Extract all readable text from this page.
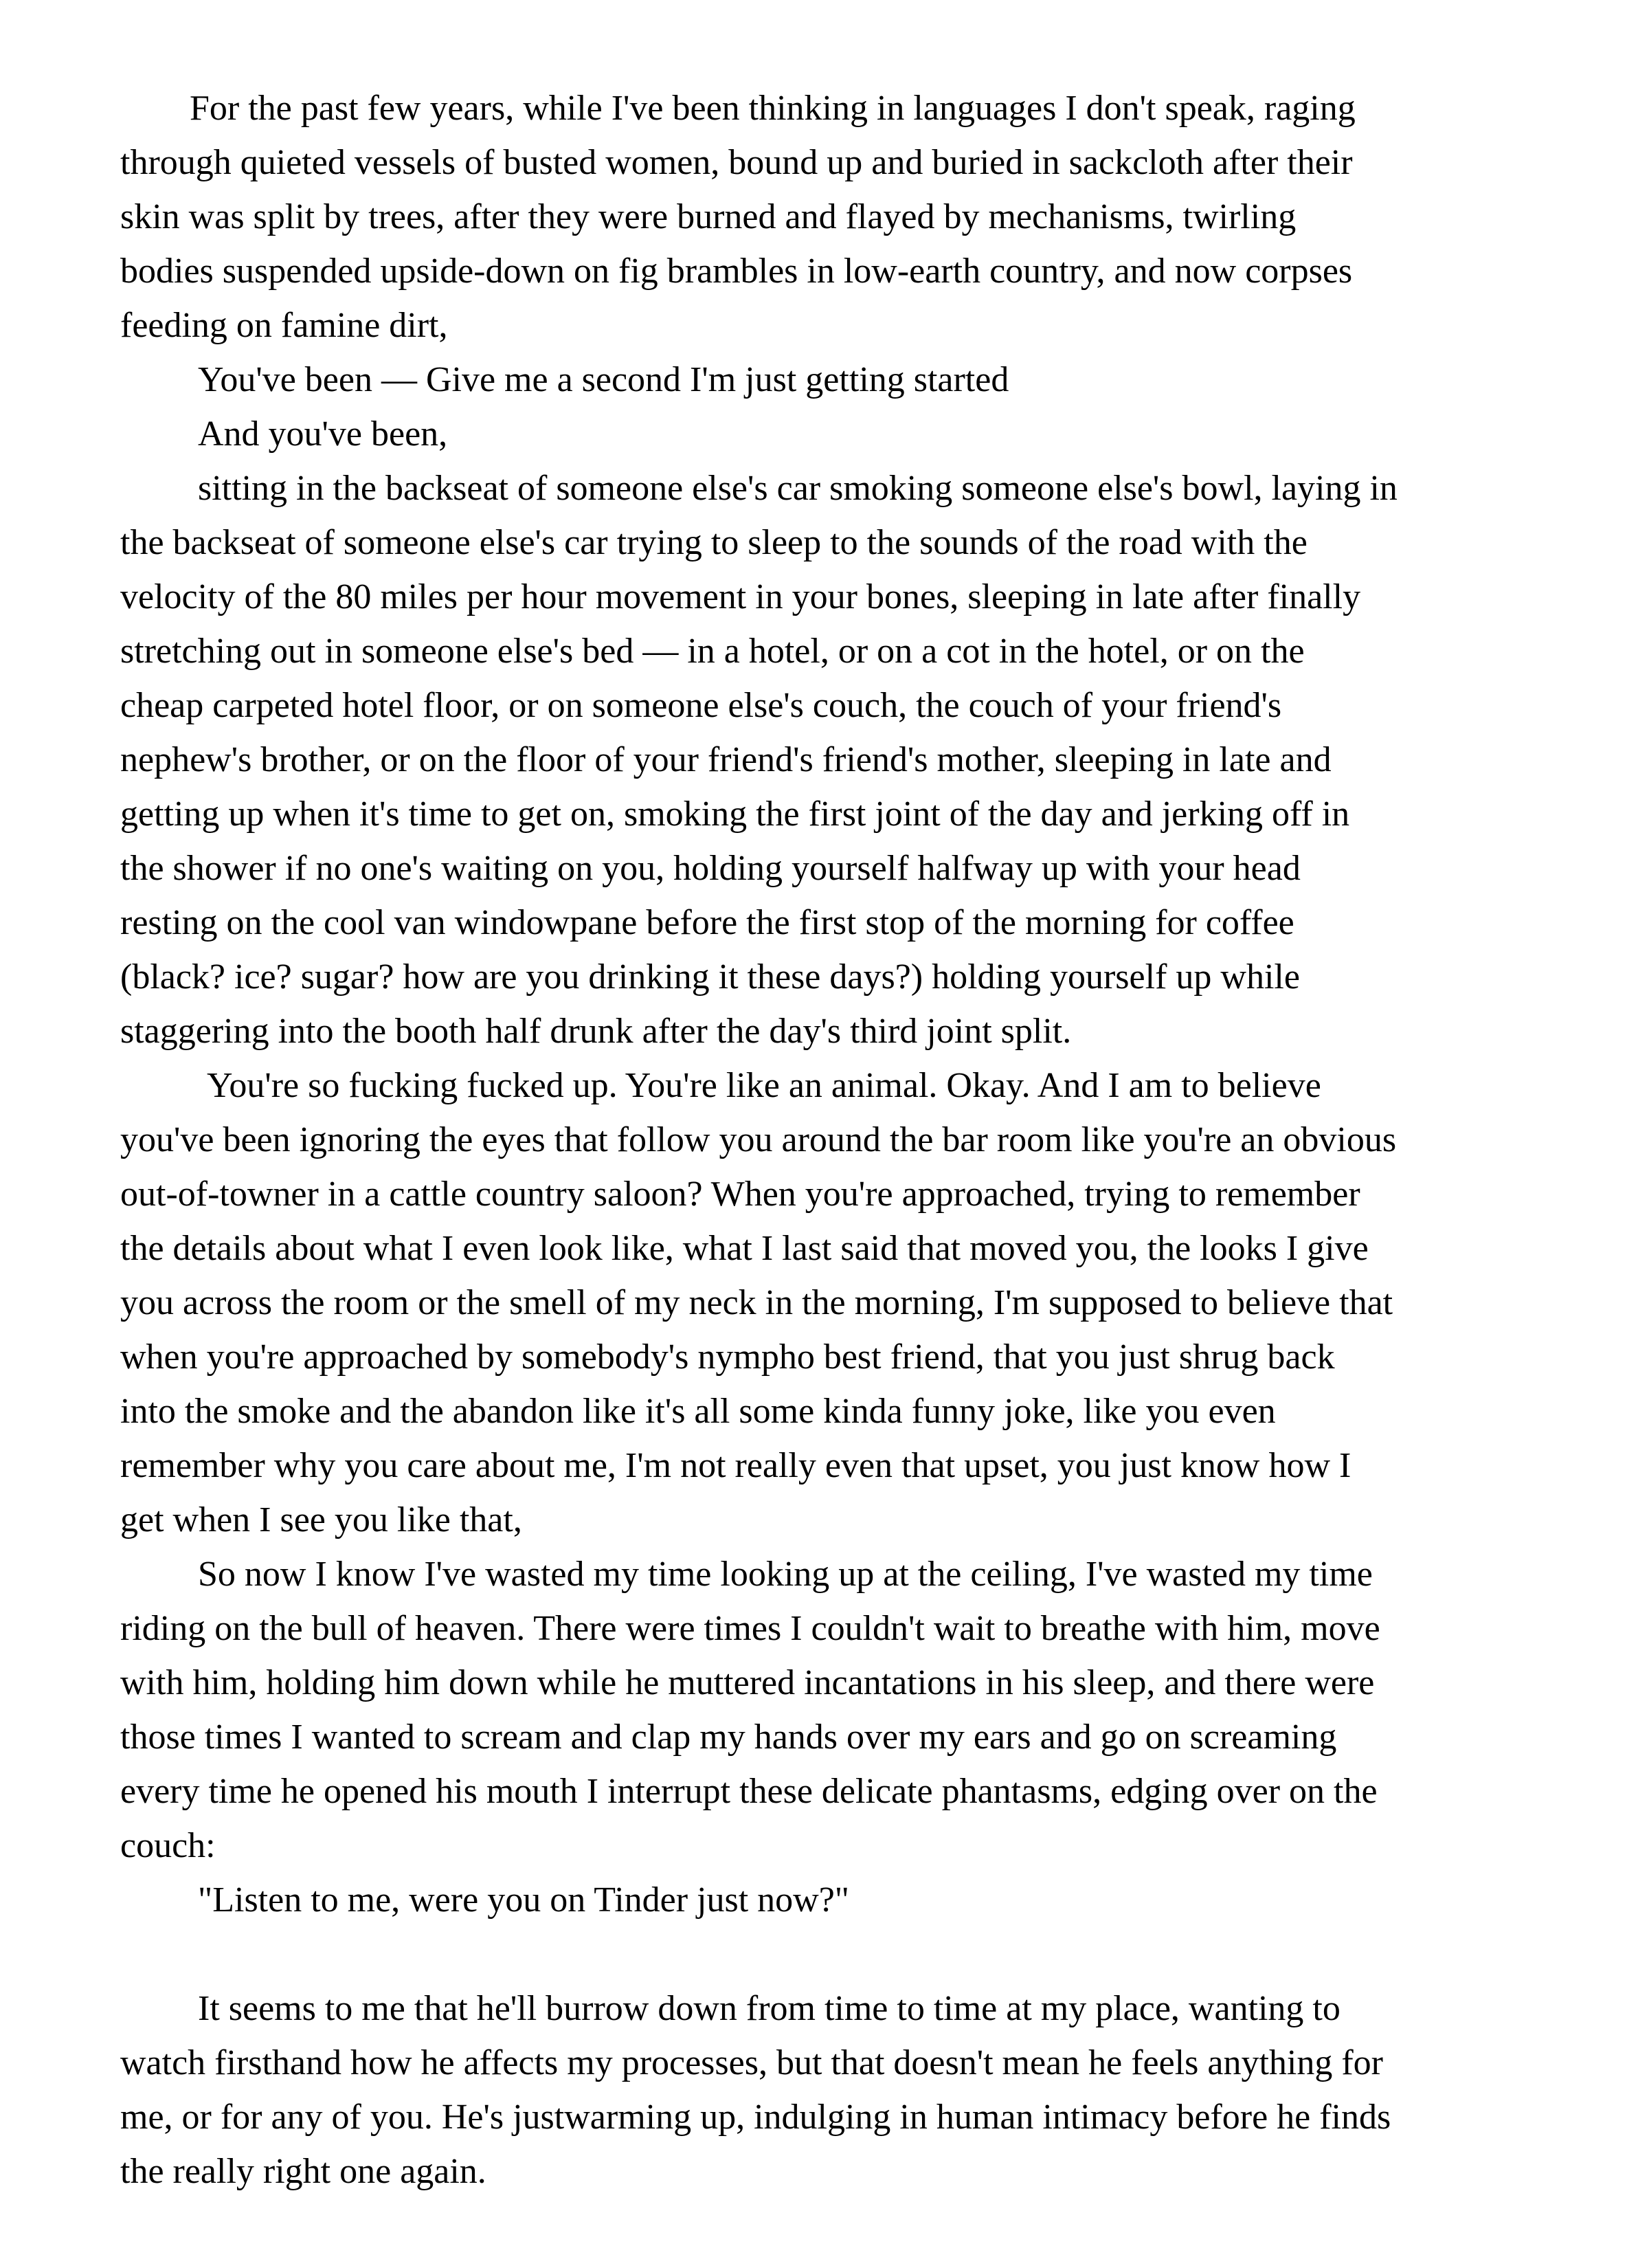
For the past few years, while I've been thinking in languages I don't speak, raging
through quieted vessels of busted women, bound up and buried in sackcloth after their
skin was split by trees, after they were burned and flayed by mechanisms, twirling
bodies suspended upside-down on fig brambles in low-earth country, and now corpses
feeding on famine dirt,
You've been — Give me a second I'm just getting started
And you've been,
sitting in the backseat of someone else's car smoking someone else's bowl, laying in
the backseat of someone else's car trying to sleep to the sounds of the road with the
velocity of the 80 miles per hour movement in your bones, sleeping in late after finally
stretching out in someone else's bed — in a hotel, or on a cot in the hotel, or on the
cheap carpeted hotel floor, or on someone else's couch, the couch of your friend's
nephew's brother, or on the floor of your friend's friend's mother, sleeping in late and
getting up when it's time to get on, smoking the first joint of the day and jerking off in
the shower if no one's waiting on you, holding yourself halfway up with your head
resting on the cool van windowpane before the first stop of the morning for coffee
(black? ice? sugar? how are you drinking it these days?) holding yourself up while
staggering into the booth half drunk after the day's third joint split.
You're so fucking fucked up. You're like an animal. Okay. And I am to believe
you've been ignoring the eyes that follow you around the bar room like you're an obvious
out-of-towner in a cattle country saloon? When you're approached, trying to remember
the details about what I even look like, what I last said that moved you, the looks I give
you across the room or the smell of my neck in the morning, I'm supposed to believe that
when you're approached by somebody's nympho best friend, that you just shrug back
into the smoke and the abandon like it's all some kinda funny joke, like you even
remember why you care about me, I'm not really even that upset, you just know how I
get when I see you like that,
So now I know I've wasted my time looking up at the ceiling, I've wasted my time
riding on the bull of heaven. There were times I couldn't wait to breathe with him, move
with him, holding him down while he muttered incantations in his sleep, and there were
those times I wanted to scream and clap my hands over my ears and go on screaming
every time he opened his mouth I interrupt these delicate phantasms, edging over on the
couch:
"Listen to me, were you on Tinder just now?"
It seems to me that he'll burrow down from time to time at my place, wanting to
watch firsthand how he affects my processes, but that doesn't mean he feels anything for
me, or for any of you. He's justwarming up, indulging in human intimacy before he finds
the really right one again.
